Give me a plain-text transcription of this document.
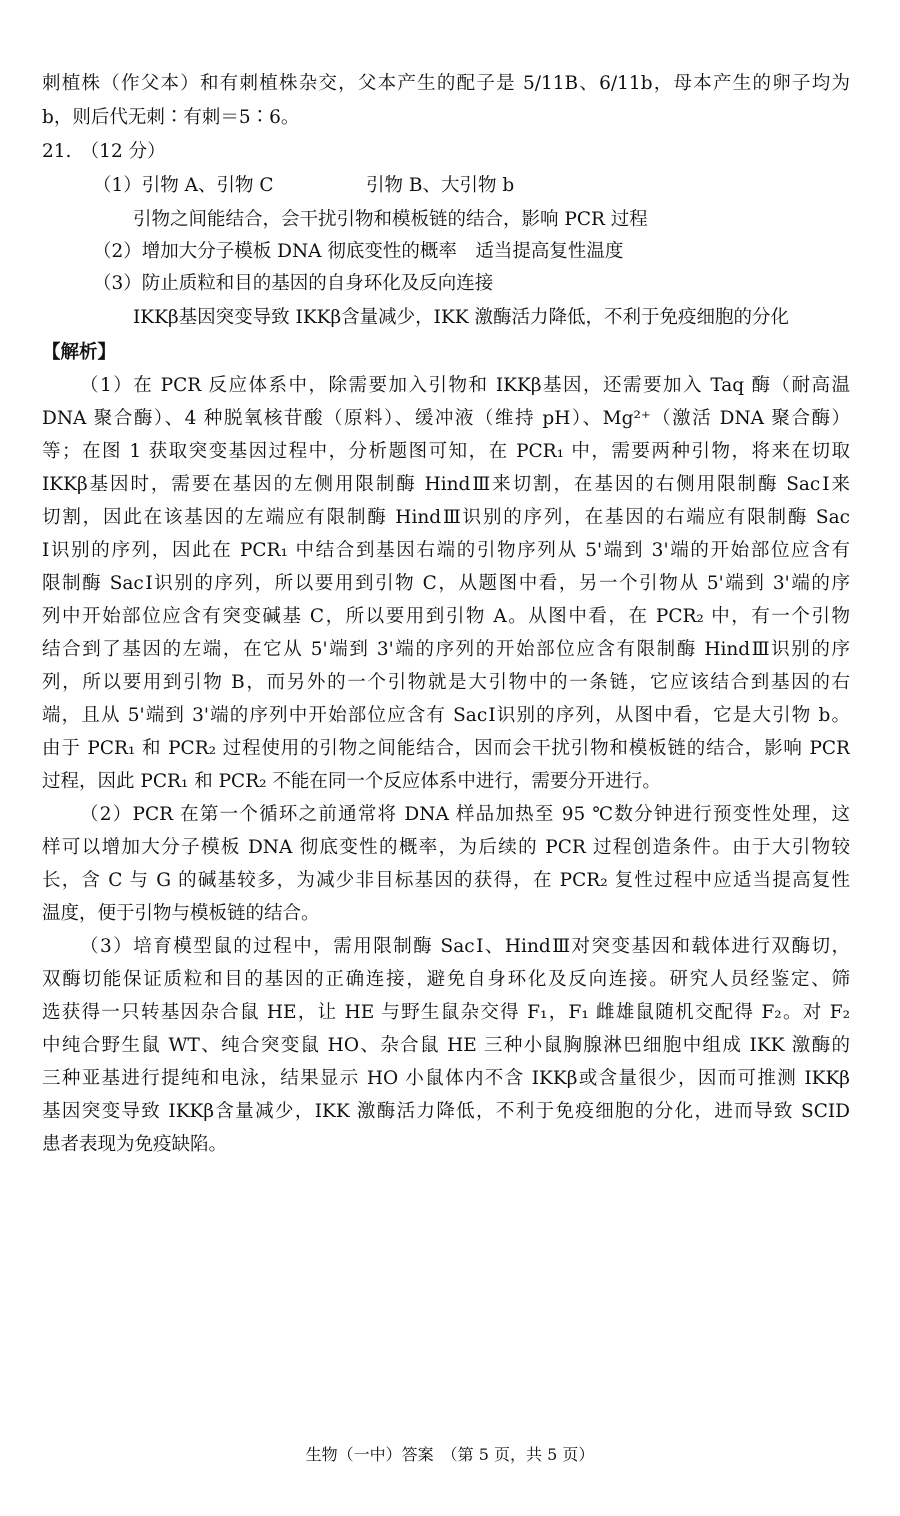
刺植株（作父本）和有刺植株杂交，父本产生的配子是 5/11B、6/11b，母本产生的卵子均为
b，则后代无刺∶有刺＝5∶6。
21.　（12 分）
（1）引物 A、引物 C	引物 B、大引物 b
引物之间能结合，会干扰引物和模板链的结合，影响 PCR 过程
（2）增加大分子模板 DNA 彻底变性的概率　适当提高复性温度
（3）防止质粒和目的基因的自身环化及反向连接
IKKβ基因突变导致 IKKβ含量减少，IKK 激酶活力降低，不利于免疫细胞的分化
【解析】
（1）在 PCR 反应体系中，除需要加入引物和 IKKβ基因，还需要加入 Taq 酶（耐高温
DNA 聚合酶）、4 种脱氧核苷酸（原料）、缓冲液（维持 pH）、Mg²⁺（激活 DNA 聚合酶）
等；在图 1 获取突变基因过程中，分析题图可知，在 PCR₁ 中，需要两种引物，将来在切取
IKKβ基因时，需要在基因的左侧用限制酶 HindⅢ来切割，在基因的右侧用限制酶 SacⅠ来
切割，因此在该基因的左端应有限制酶 HindⅢ识别的序列，在基因的右端应有限制酶 Sac
Ⅰ识别的序列，因此在 PCR₁ 中结合到基因右端的引物序列从 5'端到 3'端的开始部位应含有
限制酶 SacⅠ识别的序列，所以要用到引物 C，从题图中看，另一个引物从 5'端到 3'端的序
列中开始部位应含有突变碱基 C，所以要用到引物 A。从图中看，在 PCR₂ 中，有一个引物
结合到了基因的左端，在它从 5'端到 3'端的序列的开始部位应含有限制酶 HindⅢ识别的序
列，所以要用到引物 B，而另外的一个引物就是大引物中的一条链，它应该结合到基因的右
端，且从 5'端到 3'端的序列中开始部位应含有 SacⅠ识别的序列，从图中看，它是大引物 b。
由于 PCR₁ 和 PCR₂ 过程使用的引物之间能结合，因而会干扰引物和模板链的结合，影响 PCR
过程，因此 PCR₁ 和 PCR₂ 不能在同一个反应体系中进行，需要分开进行。
（2）PCR 在第一个循环之前通常将 DNA 样品加热至 95 ℃数分钟进行预变性处理，这
样可以增加大分子模板 DNA 彻底变性的概率，为后续的 PCR 过程创造条件。由于大引物较
长，含 C 与 G 的碱基较多，为减少非目标基因的获得，在 PCR₂ 复性过程中应适当提高复性
温度，便于引物与模板链的结合。
（3）培育模型鼠的过程中，需用限制酶 SacⅠ、HindⅢ对突变基因和载体进行双酶切，
双酶切能保证质粒和目的基因的正确连接，避免自身环化及反向连接。研究人员经鉴定、筛
选获得一只转基因杂合鼠 HE，让 HE 与野生鼠杂交得 F₁，F₁ 雌雄鼠随机交配得 F₂。对 F₂
中纯合野生鼠 WT、纯合突变鼠 HO、杂合鼠 HE 三种小鼠胸腺淋巴细胞中组成 IKK 激酶的
三种亚基进行提纯和电泳，结果显示 HO 小鼠体内不含 IKKβ或含量很少，因而可推测 IKKβ
基因突变导致 IKKβ含量减少，IKK 激酶活力降低，不利于免疫细胞的分化，进而导致 SCID
患者表现为免疫缺陷。
生物（一中）答案　（第 5 页，共 5 页）
